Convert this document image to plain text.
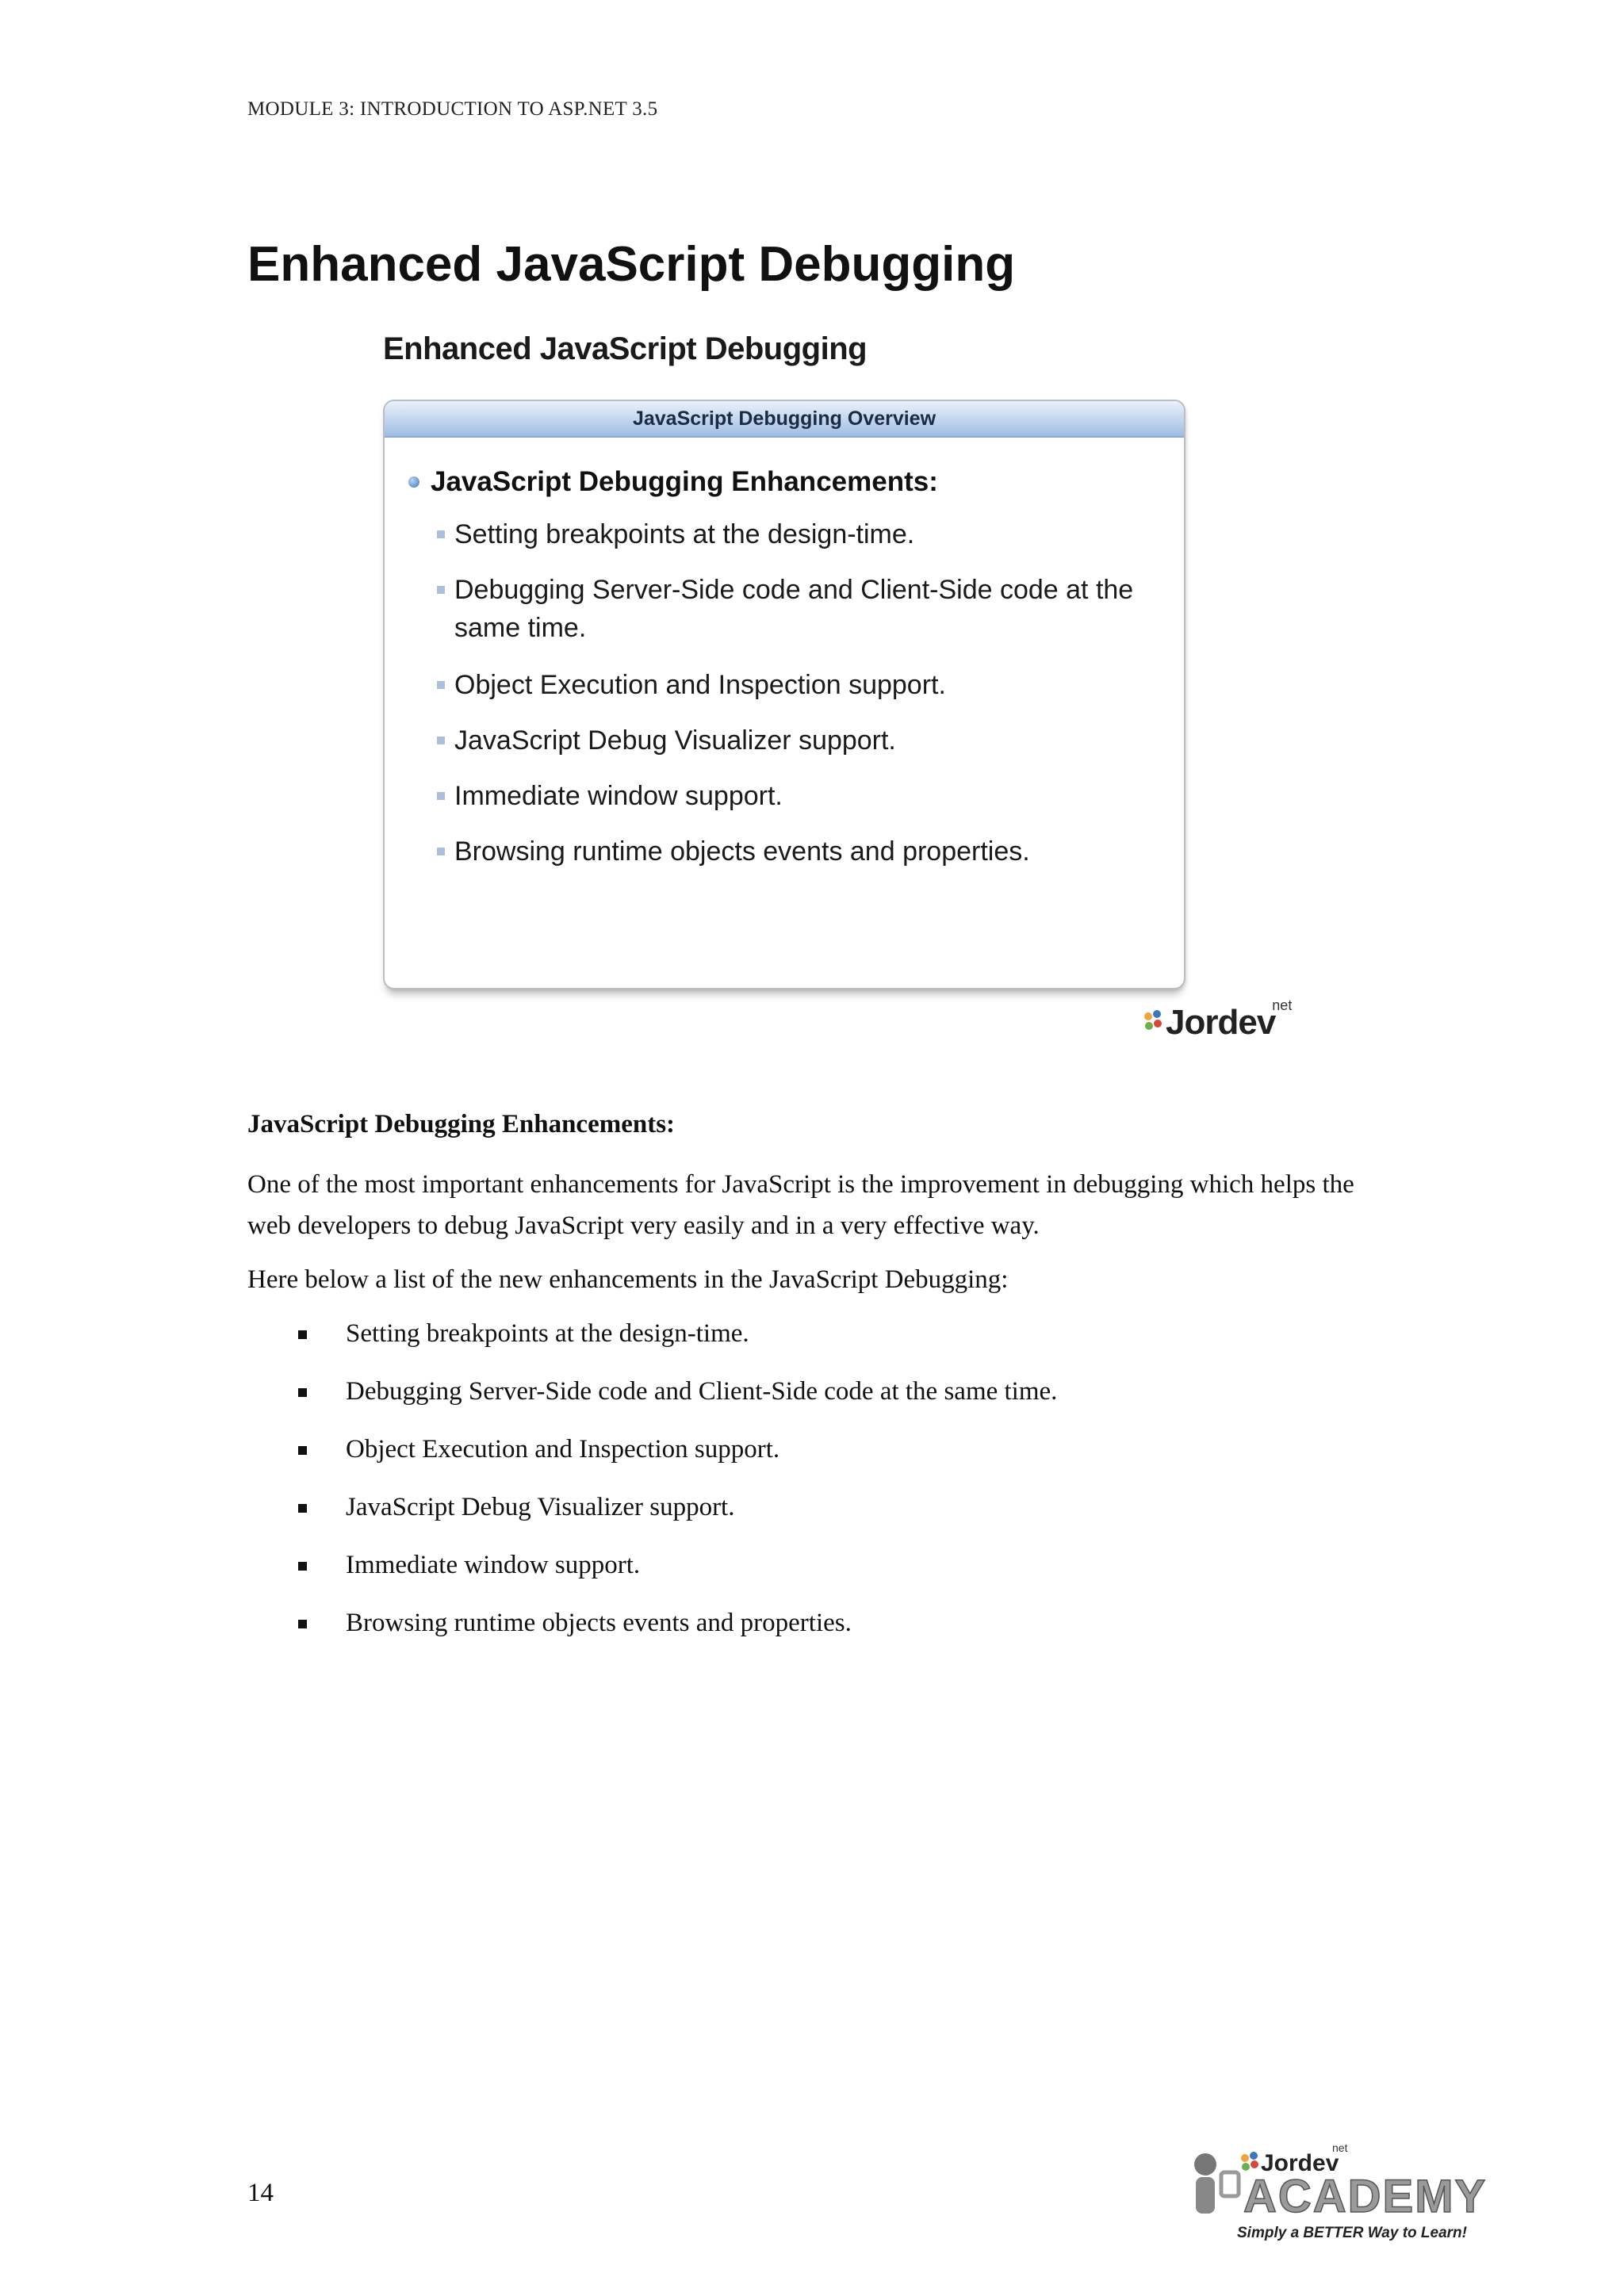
MODULE 3: INTRODUCTION TO ASP.NET 3.5
Enhanced JavaScript Debugging
Enhanced JavaScript Debugging
JavaScript Debugging Overview
JavaScript Debugging Enhancements:
Setting breakpoints at the design-time.
Debugging Server-Side code and Client-Side code at the same time.
Object Execution and Inspection support.
JavaScript Debug Visualizer support.
Immediate window support.
Browsing runtime objects events and properties.
Jordev
net
JavaScript Debugging Enhancements:
One of the most important enhancements for JavaScript is the improvement in debugging which helps the web developers to debug JavaScript very easily and in a very effective way.
Here below a list of the new enhancements in the JavaScript Debugging:
Setting breakpoints at the design-time.
Debugging Server-Side code and Client-Side code at the same time.
Object Execution and Inspection support.
JavaScript Debug Visualizer support.
Immediate window support.
Browsing runtime objects events and properties.
14
Jordev
net
ACADEMY
Simply a BETTER Way to Learn!
